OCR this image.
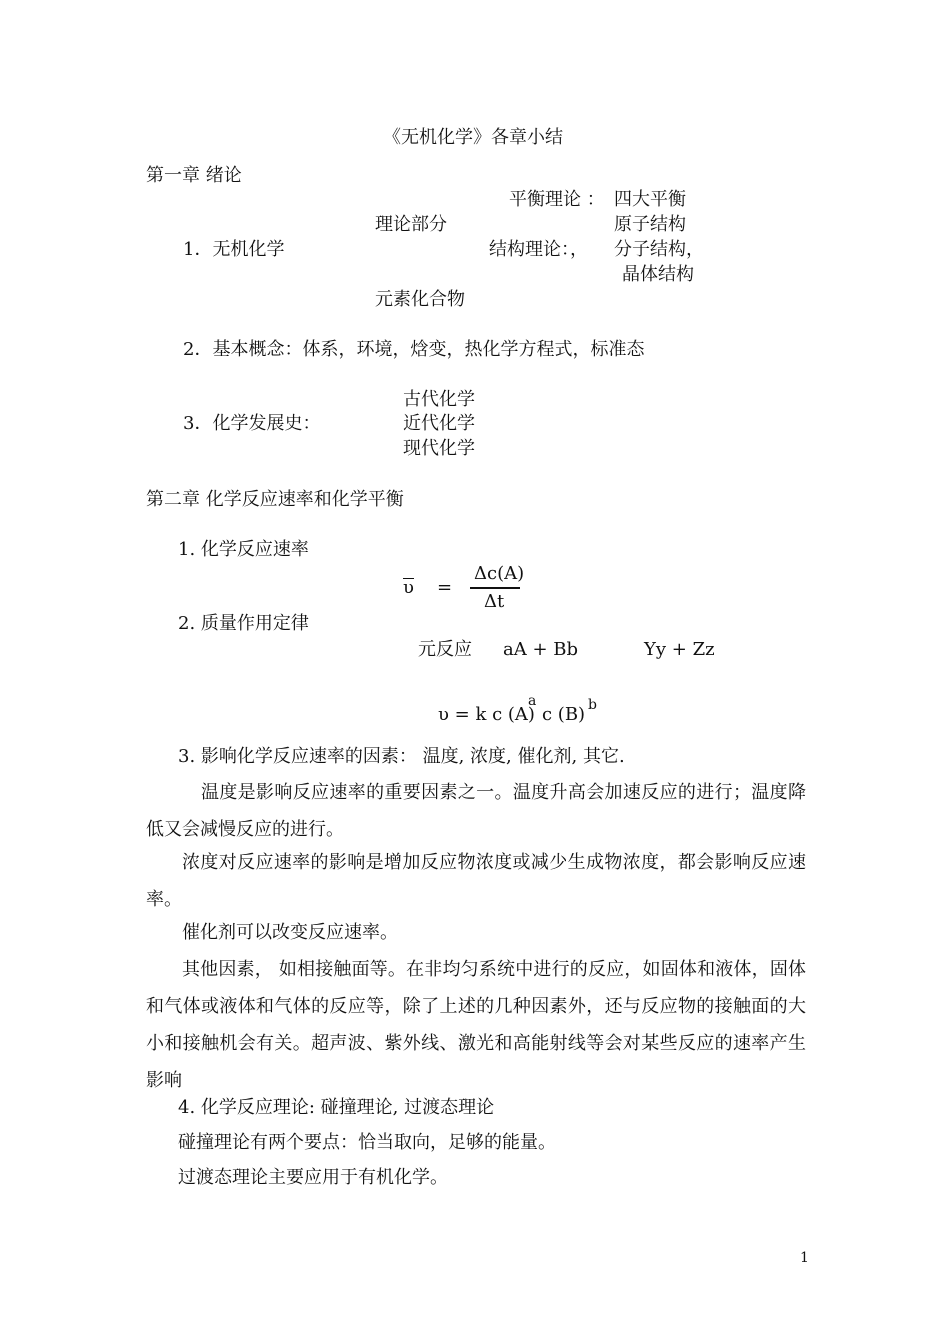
《无机化学》各章小结
第一章 绪论
平衡理论 ： 四大平衡
理论部分	原子结构
1．无机化学	结构理论：， 分子结构，
晶体结构
元素化合物
2．基本概念：体系，环境，焓变，热化学方程式，标准态
古代化学
3．化学发展史：	近代化学
现代化学
第二章 化学反应速率和化学平衡
1. 化学反应速率
υ =
Δc(A)
Δt
2. 质量作用定律
元反应 aA + Bb	Yy + Zz
υ = k c (A)
a
c (B) b
3. 影响化学反应速率的因素： 温度, 浓度, 催化剂, 其它.
温度是影响反应速率的重要因素之一。温度升高会加速反应的进行；温度降低又会减慢反应的进行。
浓度对反应速率的影响是增加反应物浓度或减少生成物浓度，都会影响反应速率。
催化剂可以改变反应速率。
其他因素， 如相接触面等。在非均匀系统中进行的反应，如固体和液体，固体和气体或液体和气体的反应等，除了上述的几种因素外，还与反应物的接触面的大小和接触机会有关。超声波、紫外线、激光和高能射线等会对某些反应的速率产生影响
4. 化学反应理论: 碰撞理论, 过渡态理论
碰撞理论有两个要点：恰当取向，足够的能量。
过渡态理论主要应用于有机化学。
1
